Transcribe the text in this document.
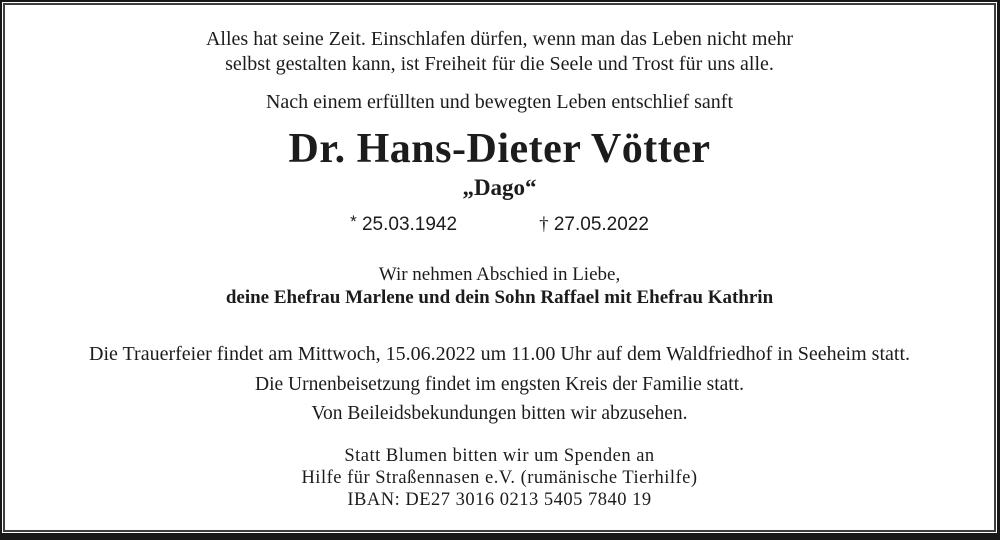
Alles hat seine Zeit. Einschlafen dürfen, wenn man das Leben nicht mehr
selbst gestalten kann, ist Freiheit für die Seele und Trost für uns alle.
Nach einem erfüllten und bewegten Leben entschlief sanft
Dr. Hans-Dieter Vötter
„Dago“
* 25.03.1942	† 27.05.2022
Wir nehmen Abschied in Liebe,
deine Ehefrau Marlene und dein Sohn Raffael mit Ehefrau Kathrin
Die Trauerfeier findet am Mittwoch, 15.06.2022 um 11.00 Uhr auf dem Waldfriedhof in Seeheim statt.
Die Urnenbeisetzung findet im engsten Kreis der Familie statt.
Von Beileidsbekundungen bitten wir abzusehen.
Statt Blumen bitten wir um Spenden an
Hilfe für Straßennasen e.V. (rumänische Tierhilfe)
IBAN: DE27 3016 0213 5405 7840 19
